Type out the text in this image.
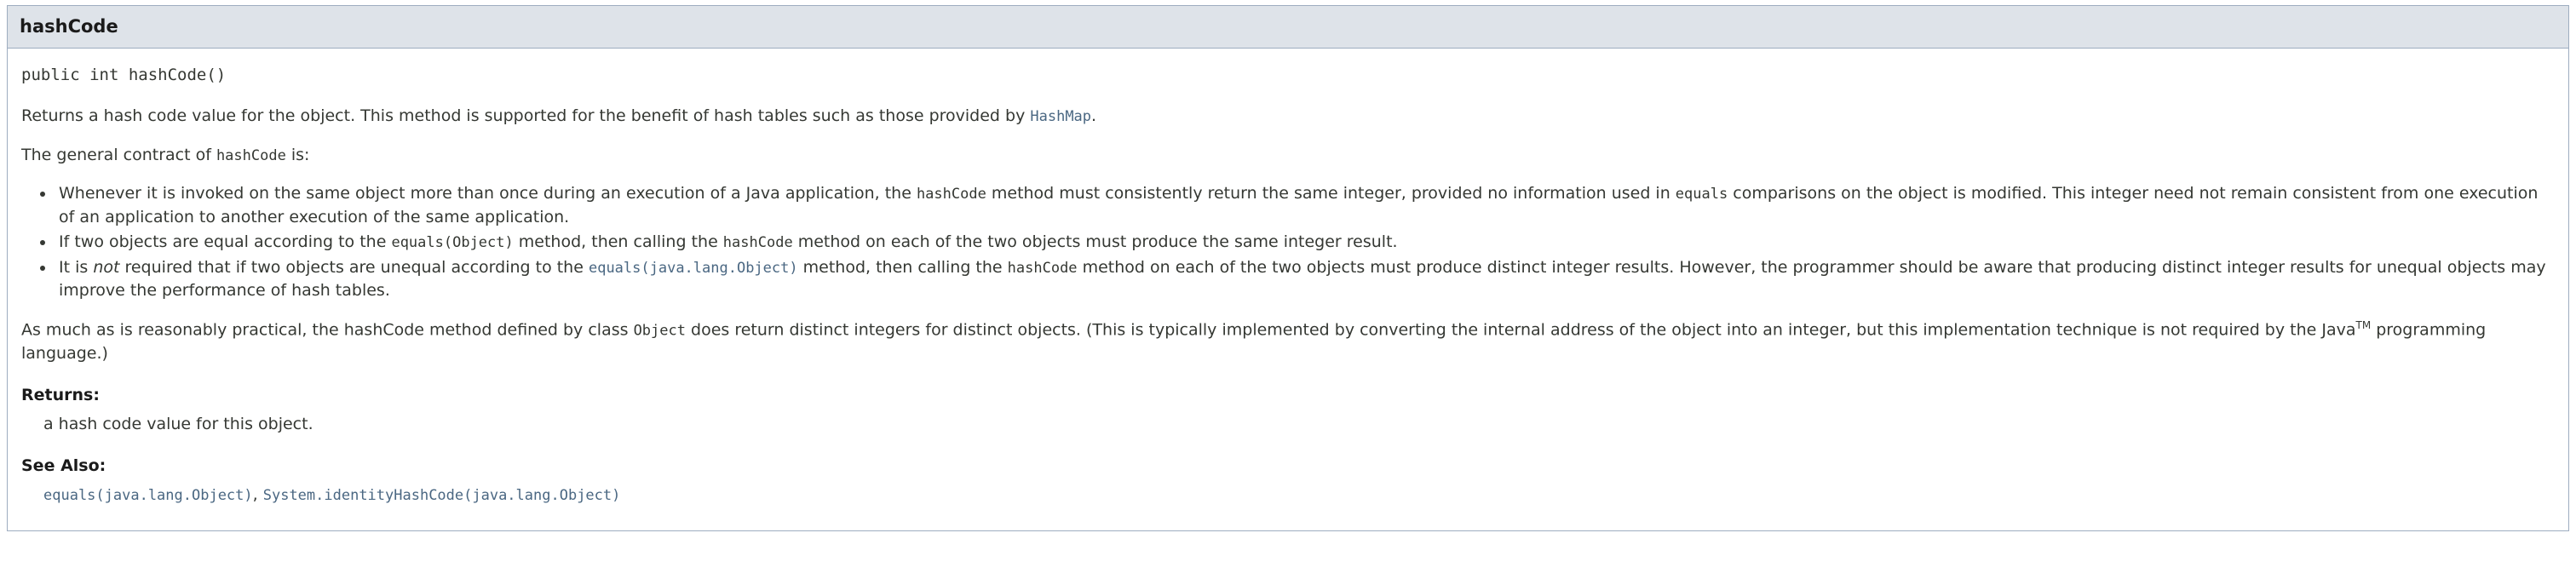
hashCode
public int hashCode()

Returns a hash code value for the object. This method is supported for the benefit of hash tables such as those provided by HashMap.

The general contract of hashCode is:

• Whenever it is invoked on the same object more than once during an execution of a Java application, the hashCode method must consistently return the same integer, provided no information used in equals comparisons on the object is modified. This integer need not remain consistent from one execution of an application to another execution of the same application.
• If two objects are equal according to the equals(Object) method, then calling the hashCode method on each of the two objects must produce the same integer result.
• It is not required that if two objects are unequal according to the equals(java.lang.Object) method, then calling the hashCode method on each of the two objects must produce distinct integer results. However, the programmer should be aware that producing distinct integer results for unequal objects may improve the performance of hash tables.

As much as is reasonably practical, the hashCode method defined by class Object does return distinct integers for distinct objects. (This is typically implemented by converting the internal address of the object into an integer, but this implementation technique is not required by the Java™ programming language.)

Returns:
a hash code value for this object.
See Also:
equals(java.lang.Object), System.identityHashCode(java.lang.Object)
